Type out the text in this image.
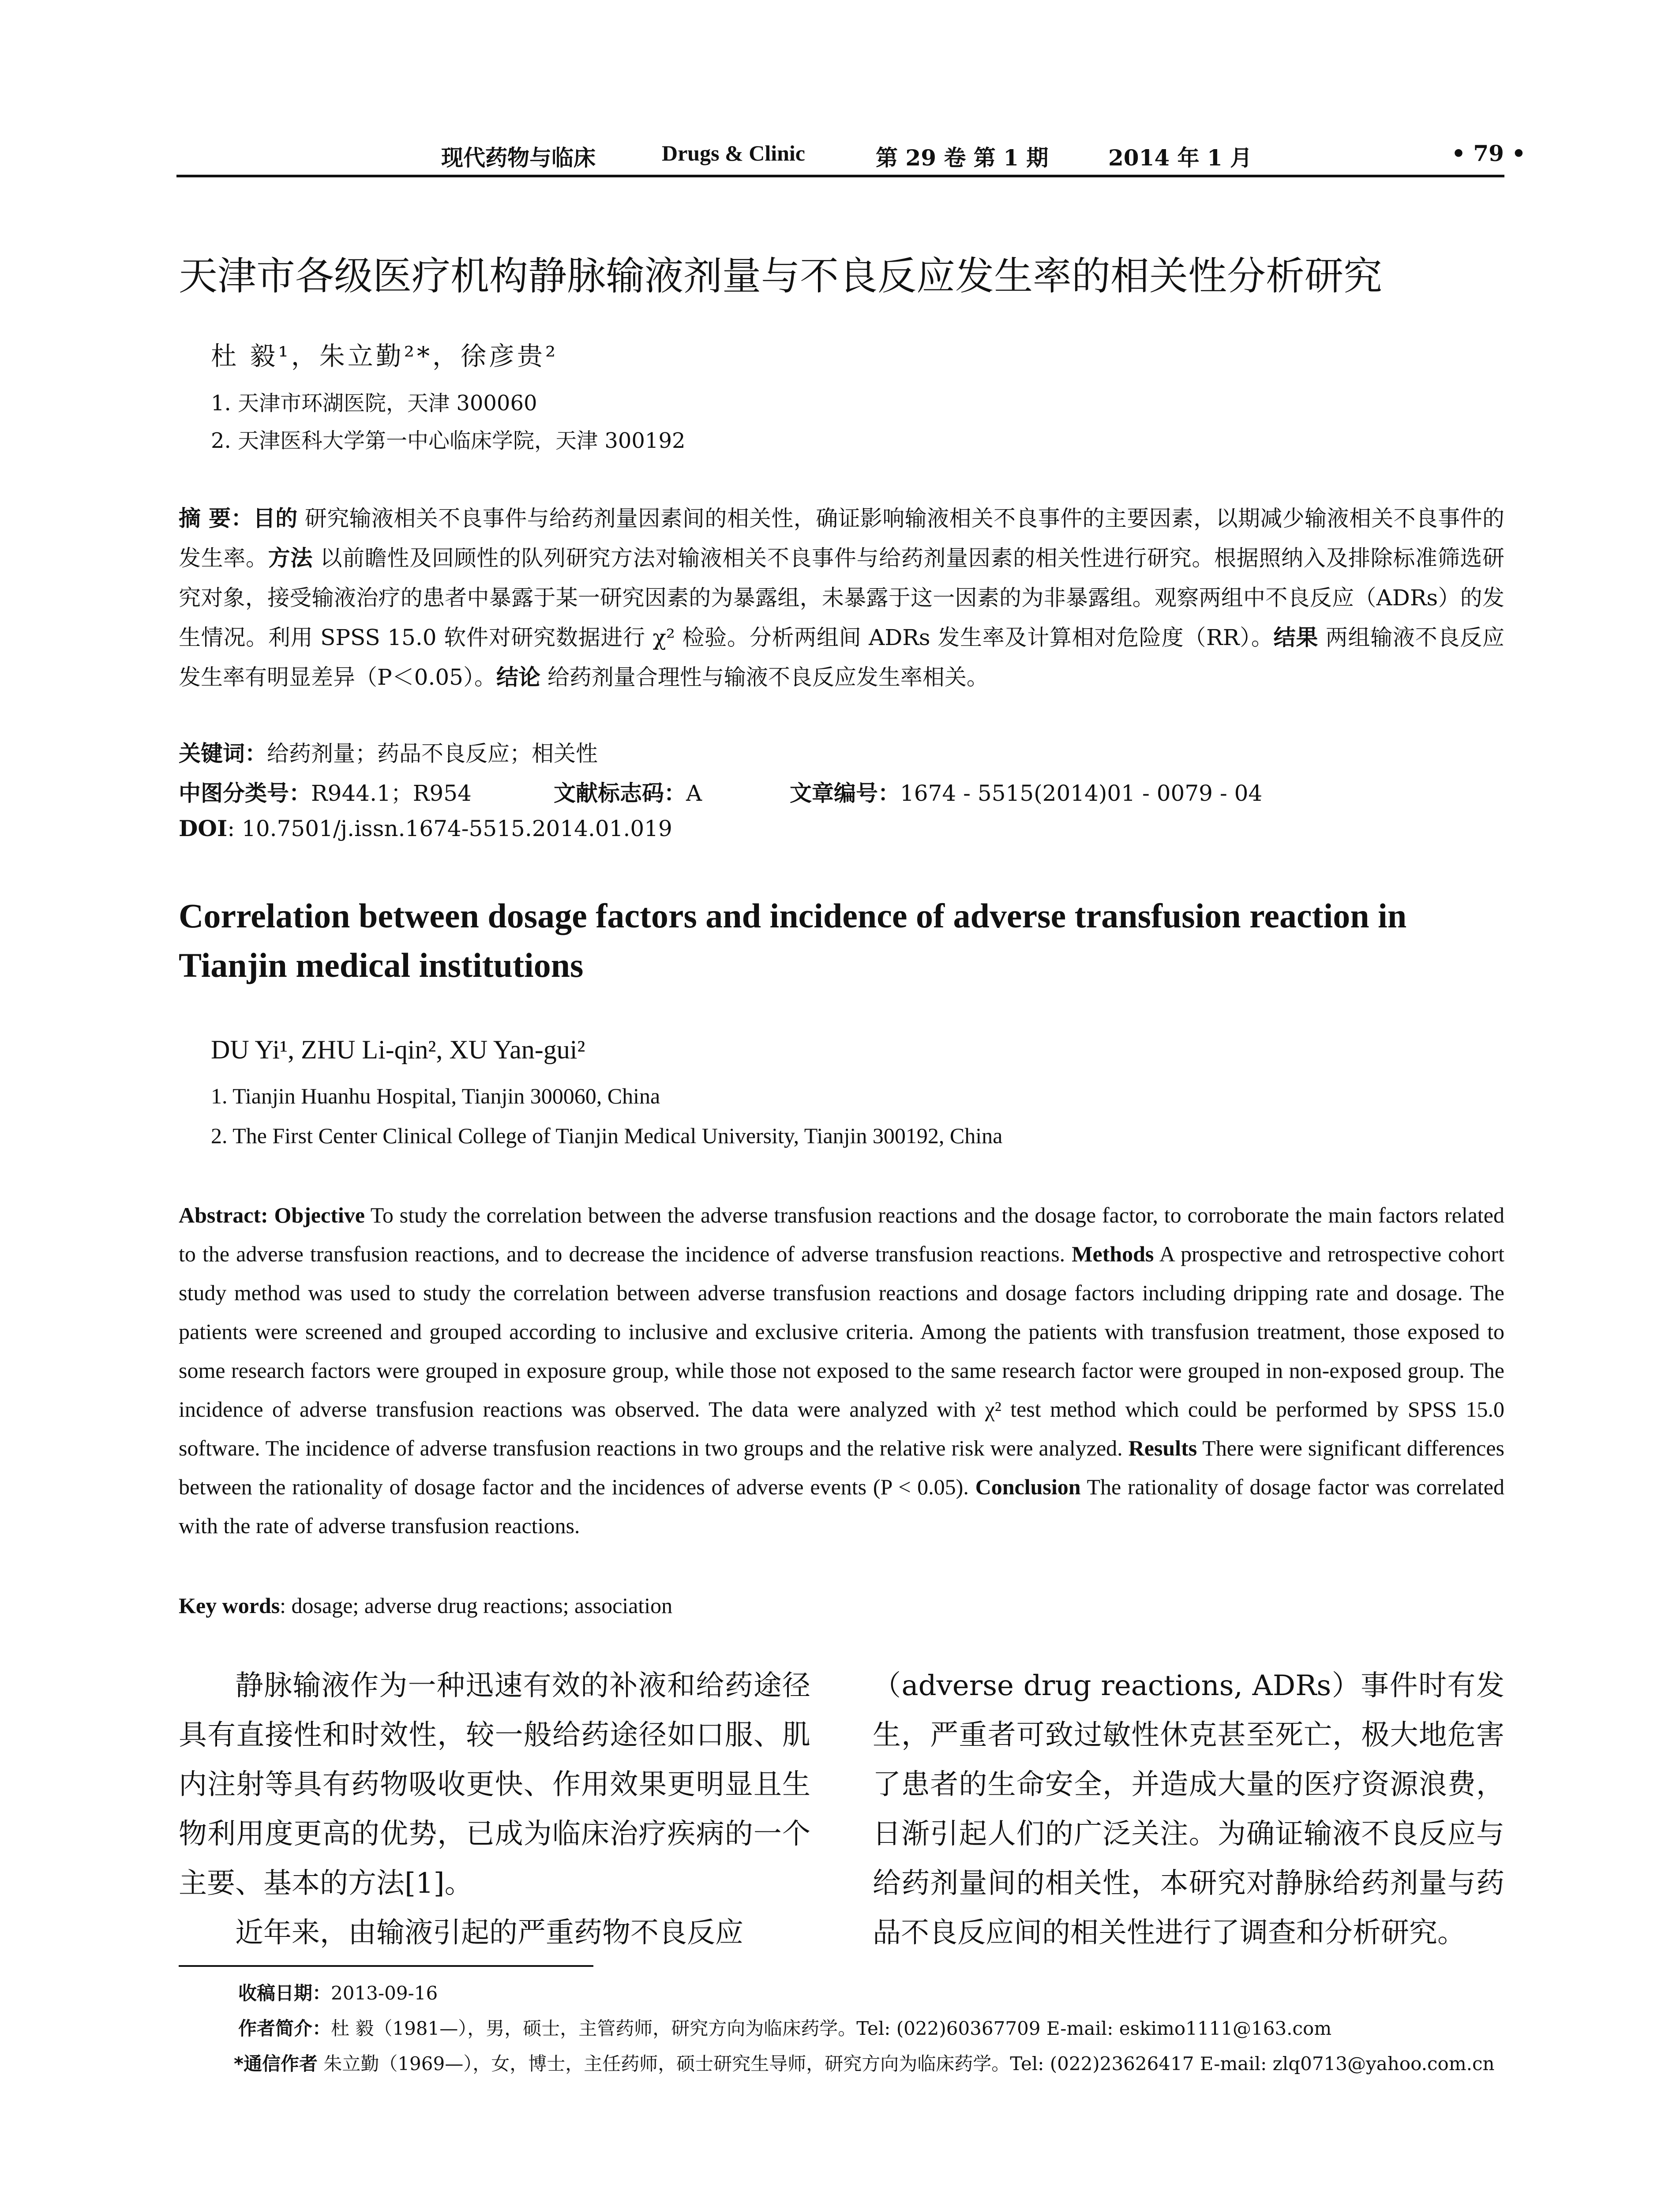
现代药物与临床	Drugs & Clinic	第 29 卷 第 1 期	2014 年 1 月	• 79 •
天津市各级医疗机构静脉输液剂量与不良反应发生率的相关性分析研究
杜 毅¹，朱立勤²*，徐彦贵²
1. 天津市环湖医院，天津 300060
2. 天津医科大学第一中心临床学院，天津 300192
摘 要：目的 研究输液相关不良事件与给药剂量因素间的相关性，确证影响输液相关不良事件的主要因素，以期减少输液相关不良事件的发生率。方法 以前瞻性及回顾性的队列研究方法对输液相关不良事件与给药剂量因素的相关性进行研究。根据照纳入及排除标准筛选研究对象，接受输液治疗的患者中暴露于某一研究因素的为暴露组，未暴露于这一因素的为非暴露组。观察两组中不良反应（ADRs）的发生情况。利用 SPSS 15.0 软件对研究数据进行 χ² 检验。分析两组间 ADRs 发生率及计算相对危险度（RR）。结果 两组输液不良反应发生率有明显差异（P＜0.05）。结论 给药剂量合理性与输液不良反应发生率相关。
关键词：给药剂量；药品不良反应；相关性
中图分类号：R944.1；R954	文献标志码：A	文章编号：1674 - 5515(2014)01 - 0079 - 04
DOI: 10.7501/j.issn.1674-5515.2014.01.019
Correlation between dosage factors and incidence of adverse transfusion reaction in Tianjin medical institutions
DU Yi¹, ZHU Li-qin², XU Yan-gui²
1. Tianjin Huanhu Hospital, Tianjin 300060, China
2. The First Center Clinical College of Tianjin Medical University, Tianjin 300192, China
Abstract: Objective To study the correlation between the adverse transfusion reactions and the dosage factor, to corroborate the main factors related to the adverse transfusion reactions, and to decrease the incidence of adverse transfusion reactions. Methods A prospective and retrospective cohort study method was used to study the correlation between adverse transfusion reactions and dosage factors including dripping rate and dosage. The patients were screened and grouped according to inclusive and exclusive criteria. Among the patients with transfusion treatment, those exposed to some research factors were grouped in exposure group, while those not exposed to the same research factor were grouped in non-exposed group. The incidence of adverse transfusion reactions was observed. The data were analyzed with χ² test method which could be performed by SPSS 15.0 software. The incidence of adverse transfusion reactions in two groups and the relative risk were analyzed. Results There were significant differences between the rationality of dosage factor and the incidences of adverse events (P < 0.05). Conclusion The rationality of dosage factor was correlated with the rate of adverse transfusion reactions.
Key words: dosage; adverse drug reactions; association
静脉输液作为一种迅速有效的补液和给药途径具有直接性和时效性，较一般给药途径如口服、肌内注射等具有药物吸收更快、作用效果更明显且生物利用度更高的优势，已成为临床治疗疾病的一个主要、基本的方法[1]。
近年来，由输液引起的严重药物不良反应
（adverse drug reactions, ADRs）事件时有发生，严重者可致过敏性休克甚至死亡，极大地危害了患者的生命安全，并造成大量的医疗资源浪费，日渐引起人们的广泛关注。为确证输液不良反应与给药剂量间的相关性，本研究对静脉给药剂量与药品不良反应间的相关性进行了调查和分析研究。
收稿日期：2013-09-16
作者简介：杜 毅（1981—），男，硕士，主管药师，研究方向为临床药学。Tel: (022)60367709 E-mail: eskimo1111@163.com
*通信作者 朱立勤（1969—），女，博士，主任药师，硕士研究生导师，研究方向为临床药学。Tel: (022)23626417 E-mail: zlq0713@yahoo.com.cn
